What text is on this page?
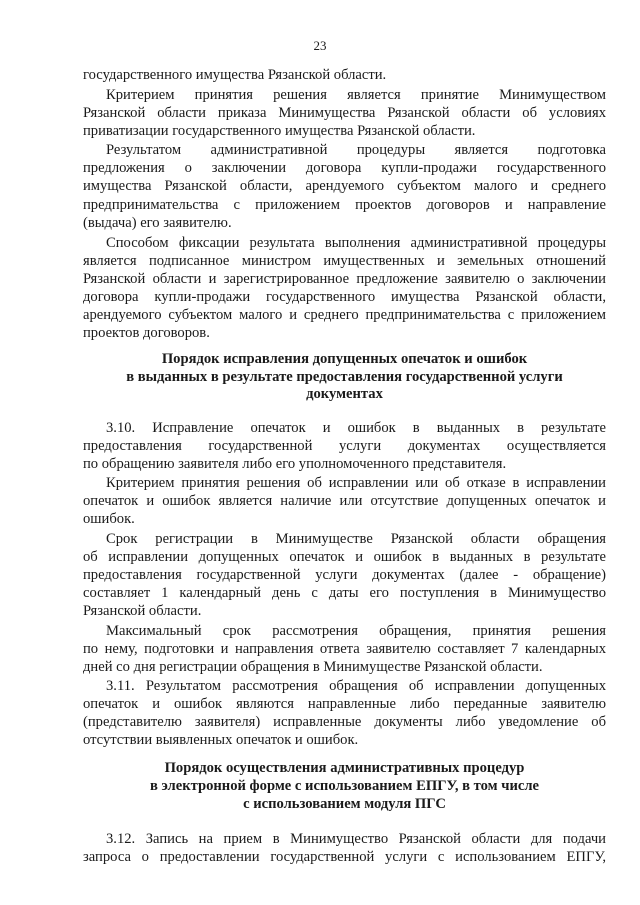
23
государственного имущества Рязанской области.
Критерием принятия решения является принятие Минимуществом
Рязанской области приказа Минимущества Рязанской области об условиях
приватизации государственного имущества Рязанской области.
Результатом административной процедуры является подготовка
предложения о заключении договора купли-продажи государственного
имущества Рязанской области, арендуемого субъектом малого и среднего
предпринимательства с приложением проектов договоров и направление
(выдача) его заявителю.
Способом фиксации результата выполнения административной процедуры
является подписанное министром имущественных и земельных отношений
Рязанской области и зарегистрированное предложение заявителю о заключении
договора купли-продажи государственного имущества Рязанской области,
арендуемого субъектом малого и среднего предпринимательства с приложением
проектов договоров.
Порядок исправления допущенных опечаток и ошибок
в выданных в результате предоставления государственной услуги
документах
3.10. Исправление опечаток и ошибок в выданных в результате
предоставления государственной услуги документах осуществляется
по обращению заявителя либо его уполномоченного представителя.
Критерием принятия решения об исправлении или об отказе в исправлении
опечаток и ошибок является наличие или отсутствие допущенных опечаток и
ошибок.
Срок регистрации в Минимуществе Рязанской области обращения
об исправлении допущенных опечаток и ошибок в выданных в результате
предоставления государственной услуги документах (далее - обращение)
составляет 1 календарный день с даты его поступления в Минимущество
Рязанской области.
Максимальный срок рассмотрения обращения, принятия решения
по нему, подготовки и направления ответа заявителю составляет 7 календарных
дней со дня регистрации обращения в Минимуществе Рязанской области.
3.11. Результатом рассмотрения обращения об исправлении допущенных
опечаток и ошибок являются направленные либо переданные заявителю
(представителю заявителя) исправленные документы либо уведомление об
отсутствии выявленных опечаток и ошибок.
Порядок осуществления административных процедур
в электронной форме с использованием ЕПГУ, в том числе
с использованием модуля ПГС
3.12. Запись на прием в Минимущество Рязанской области для подачи
запроса о предоставлении государственной услуги с использованием ЕПГУ,
